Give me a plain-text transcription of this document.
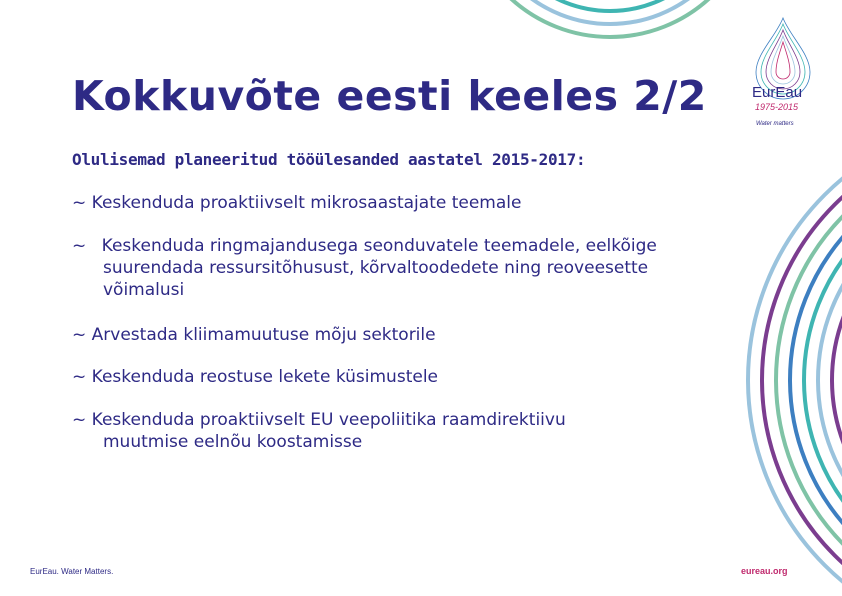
Kokkuvõte eesti keeles 2/2
Olulisemad planeeritud tööülesanded aastatel 2015-2017:
~ Keskenduda proaktiivselt mikrosaastajate teemale
~ Keskenduda ringmajandusega seonduvatele teemadele, eelkõige
suurendada ressursitõhusust, kõrvaltoodedete ning reoveesette
võimalusi
~ Arvestada kliimamuutuse mõju sektorile
~ Keskenduda reostuse lekete küsimustele
~ Keskenduda proaktiivselt EU veepoliitika raamdirektiivu
muutmise eelnõu koostamisse
EurEau
1975-2015
Water matters
EurEau. Water Matters.	eureau.org
